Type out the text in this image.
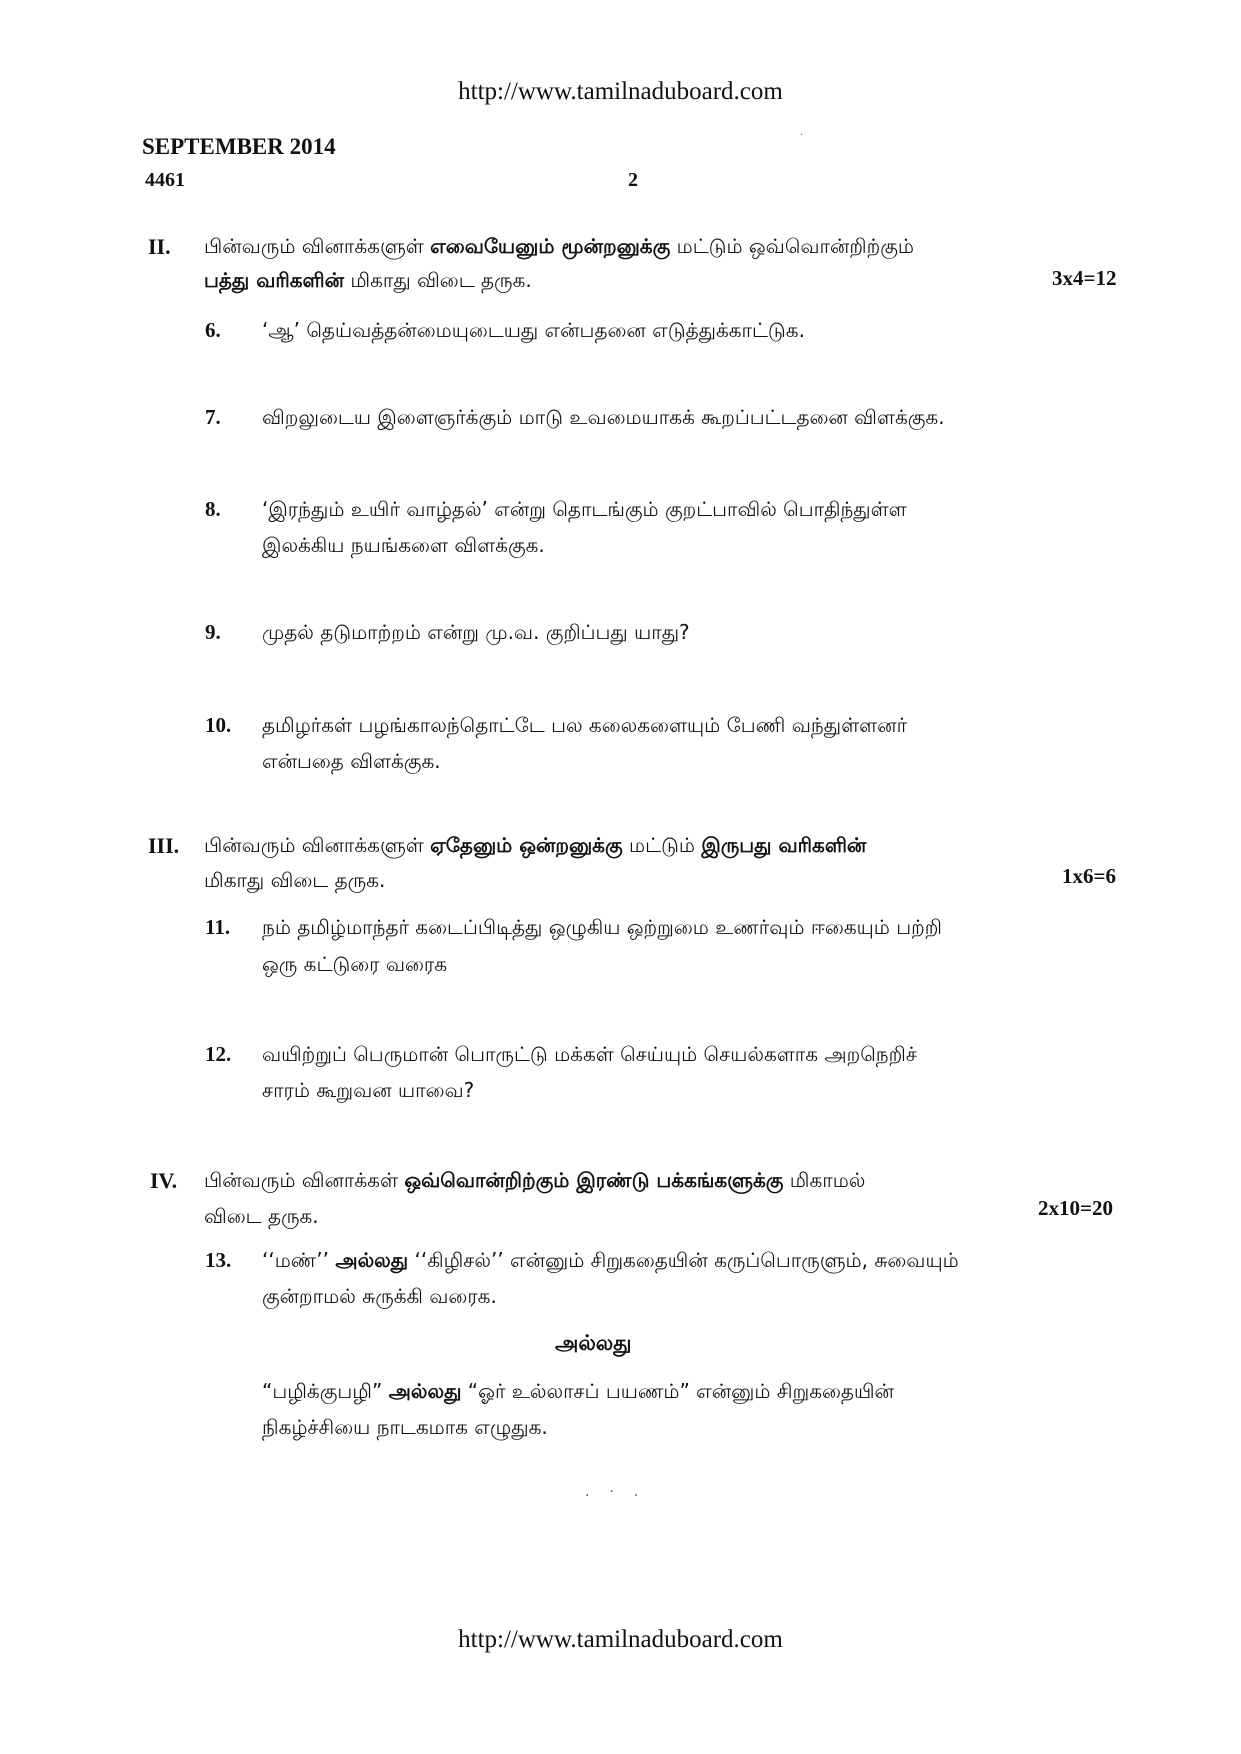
http://www.tamilnaduboard.com
·
SEPTEMBER 2014
4461	2
II. பின்வரும் வினாக்களுள் எவையேனும் மூன்றனுக்கு மட்டும் ஒவ்வொன்றிற்கும்
பத்து வரிகளின் மிகாது விடை தருக.	3x4=12
6. ‘ஆ’ தெய்வத்தன்மையுடையது என்பதனை எடுத்துக்காட்டுக.
7. விறலுடைய இளைஞர்க்கும் மாடு உவமையாகக் கூறப்பட்டதனை விளக்குக.
8. ‘இரந்தும் உயிர் வாழ்தல்’ என்று தொடங்கும் குறட்பாவில் பொதிந்துள்ள
இலக்கிய நயங்களை விளக்குக.
9. முதல் தடுமாற்றம் என்று மு.வ. குறிப்பது யாது?
10. தமிழர்கள் பழங்காலந்தொட்டே பல கலைகளையும் பேணி வந்துள்ளனர்
என்பதை விளக்குக.
III. பின்வரும் வினாக்களுள் ஏதேனும் ஒன்றனுக்கு மட்டும் இருபது வரிகளின்
மிகாது விடை தருக.	1x6=6
11. நம் தமிழ்மாந்தர் கடைப்பிடித்து ஒழுகிய ஒற்றுமை உணர்வும் ஈகையும் பற்றி
ஒரு கட்டுரை வரைக
12. வயிற்றுப் பெருமான் பொருட்டு மக்கள் செய்யும் செயல்களாக அறநெறிச்
சாரம் கூறுவன யாவை?
IV. பின்வரும் வினாக்கள் ஒவ்வொன்றிற்கும் இரண்டு பக்கங்களுக்கு மிகாமல்
விடை தருக.	2x10=20
13. ‘‘மண்’’ அல்லது ‘‘கிழிசல்’’ என்னும் சிறுகதையின் கருப்பொருளும், சுவையும்
குன்றாமல் சுருக்கி வரைக.
அல்லது
“பழிக்குபழி” அல்லது “ஓர் உல்லாசப் பயணம்” என்னும் சிறுகதையின்
நிகழ்ச்சியை நாடகமாக எழுதுக.
.·.
http://www.tamilnaduboard.com
